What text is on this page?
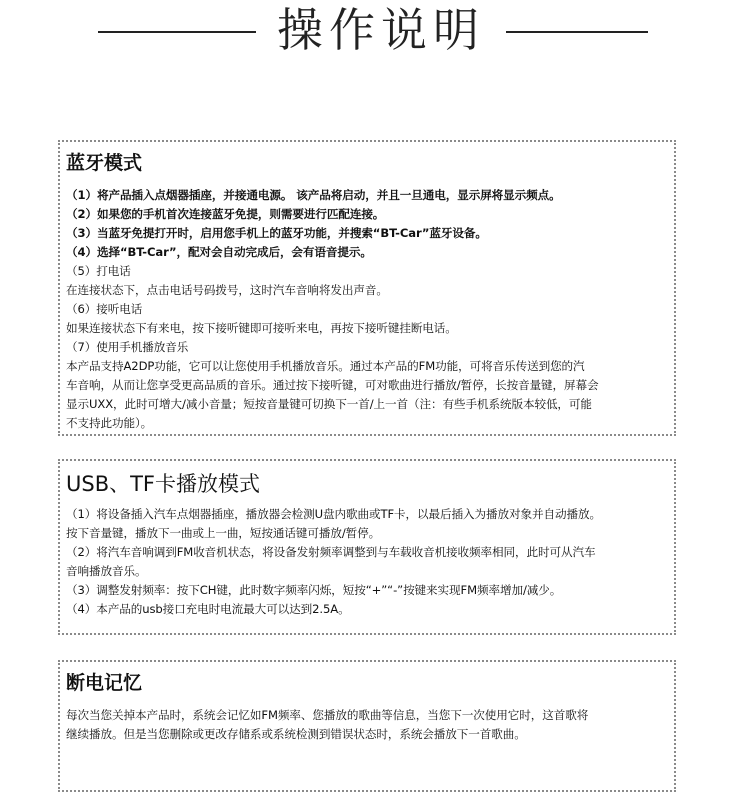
操作说明
蓝牙模式
（1）将产品插入点烟器插座，并接通电源。 该产品将启动，并且一旦通电，显示屏将显示频点。
（2）如果您的手机首次连接蓝牙免提，则需要进行匹配连接。
（3）当蓝牙免提打开时，启用您手机上的蓝牙功能，并搜索“BT-Car”蓝牙设备。
（4）选择“BT-Car”，配对会自动完成后，会有语音提示。
（5）打电话
在连接状态下，点击电话号码拨号，这时汽车音响将发出声音。
（6）接听电话
如果连接状态下有来电，按下接听键即可接听来电，再按下接听键挂断电话。
（7）使用手机播放音乐
本产品支持A2DP功能，它可以让您使用手机播放音乐。通过本产品的FM功能，可将音乐传送到您的汽
车音响，从而让您享受更高品质的音乐。通过按下接听键，可对歌曲进行播放/暂停，长按音量键，屏幕会
显示UXX，此时可增大/减小音量；短按音量键可切换下一首/上一首（注：有些手机系统版本较低，可能
不支持此功能）。
USB、TF卡播放模式
（1）将设备插入汽车点烟器插座，播放器会检测U盘内歌曲或TF卡，以最后插入为播放对象并自动播放。
按下音量键，播放下一曲或上一曲，短按通话键可播放/暂停。
（2）将汽车音响调到FM收音机状态，将设备发射频率调整到与车载收音机接收频率相同，此时可从汽车
音响播放音乐。
（3）调整发射频率：按下CH键，此时数字频率闪烁，短按“+”“-”按键来实现FM频率增加/减少。
（4）本产品的usb接口充电时电流最大可以达到2.5A。
断电记忆
每次当您关掉本产品时，系统会记忆如FM频率、您播放的歌曲等信息，当您下一次使用它时，这首歌将
继续播放。但是当您删除或更改存储系或系统检测到错误状态时，系统会播放下一首歌曲。
